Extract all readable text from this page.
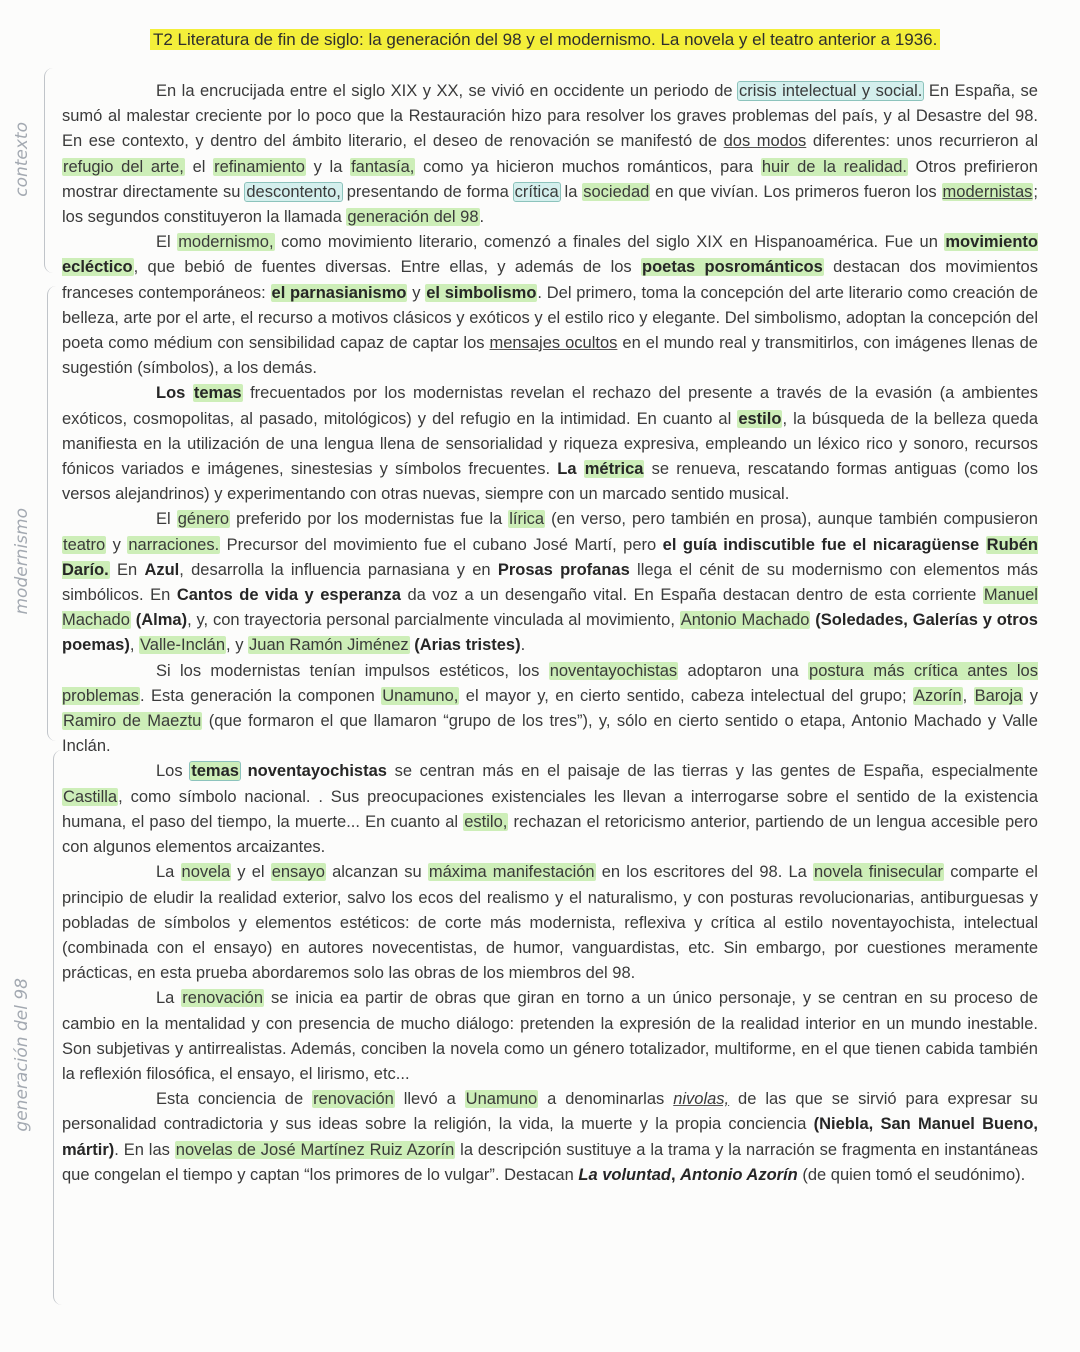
T2 Literatura de fin de siglo: la generación del 98 y el modernismo. La novela y el teatro anterior a 1936.
contexto
modernismo
generación del 98

En la encrucijada entre el siglo XIX y XX, se vivió en occidente un periodo de crisis intelectual y social. En España, se sumó al malestar creciente por lo poco que la Restauración hizo para resolver los graves problemas del país, y al Desastre del 98. En ese contexto, y dentro del ámbito literario, el deseo de renovación se manifestó de dos modos diferentes: unos recurrieron al refugio del arte, el refinamiento y la fantasía, como ya hicieron muchos románticos, para huir de la realidad. Otros prefirieron mostrar directamente su descontento, presentando de forma crítica la sociedad en que vivían. Los primeros fueron los modernistas; los segundos constituyeron la llamada generación del 98.

El modernismo, como movimiento literario, comenzó a finales del siglo XIX en Hispanoamérica. Fue un movimiento ecléctico, que bebió de fuentes diversas. Entre ellas, y además de los poetas posrománticos destacan dos movimientos franceses contemporáneos: el parnasianismo y el simbolismo. Del primero, toma la concepción del arte literario como creación de belleza, arte por el arte, el recurso a motivos clásicos y exóticos y el estilo rico y elegante. Del simbolismo, adoptan la concepción del poeta como médium con sensibilidad capaz de captar los mensajes ocultos en el mundo real y transmitirlos, con imágenes llenas de sugestión (símbolos), a los demás.

Los temas frecuentados por los modernistas revelan el rechazo del presente a través de la evasión (a ambientes exóticos, cosmopolitas, al pasado, mitológicos) y del refugio en la intimidad. En cuanto al estilo, la búsqueda de la belleza queda manifiesta en la utilización de una lengua llena de sensorialidad y riqueza expresiva, empleando un léxico rico y sonoro, recursos fónicos variados e imágenes, sinestesias y símbolos frecuentes. La métrica se renueva, rescatando formas antiguas (como los versos alejandrinos) y experimentando con otras nuevas, siempre con un marcado sentido musical.

El género preferido por los modernistas fue la lírica (en verso, pero también en prosa), aunque también compusieron teatro y narraciones. Precursor del movimiento fue el cubano José Martí, pero el guía indiscutible fue el nicaragüense Rubén Darío. En Azul, desarrolla la influencia parnasiana y en Prosas profanas llega el cénit de su modernismo con elementos más simbólicos. En Cantos de vida y esperanza da voz a un desengaño vital. En España destacan dentro de esta corriente Manuel Machado (Alma), y, con trayectoria personal parcialmente vinculada al movimiento, Antonio Machado (Soledades, Galerías y otros poemas), Valle-Inclán, y Juan Ramón Jiménez (Arias tristes).

Si los modernistas tenían impulsos estéticos, los noventayochistas adoptaron una postura más crítica antes los problemas. Esta generación la componen Unamuno, el mayor y, en cierto sentido, cabeza intelectual del grupo; Azorín, Baroja y Ramiro de Maeztu (que formaron el que llamaron “grupo de los tres”), y, sólo en cierto sentido o etapa, Antonio Machado y Valle Inclán.

Los temas noventayochistas se centran más en el paisaje de las tierras y las gentes de España, especialmente Castilla, como símbolo nacional. . Sus preocupaciones existenciales les llevan a interrogarse sobre el sentido de la existencia humana, el paso del tiempo, la muerte... En cuanto al estilo, rechazan el retoricismo anterior, partiendo de un lengua accesible pero con algunos elementos arcaizantes.

La novela y el ensayo alcanzan su máxima manifestación en los escritores del 98. La novela finisecular comparte el principio de eludir la realidad exterior, salvo los ecos del realismo y el naturalismo, y con posturas revolucionarias, antiburguesas y pobladas de símbolos y elementos estéticos: de corte más modernista, reflexiva y crítica al estilo noventayochista, intelectual (combinada con el ensayo) en autores novecentistas, de humor, vanguardistas, etc. Sin embargo, por cuestiones meramente prácticas, en esta prueba abordaremos solo las obras de los miembros del 98.

La renovación se inicia ea partir de obras que giran en torno a un único personaje, y se centran en su proceso de cambio en la mentalidad y con presencia de mucho diálogo: pretenden la expresión de la realidad interior en un mundo inestable. Son subjetivas y antirrealistas. Además, conciben la novela como un género totalizador, multiforme, en el que tienen cabida también la reflexión filosófica, el ensayo, el lirismo, etc...

Esta conciencia de renovación llevó a Unamuno a denominarlas nivolas, de las que se sirvió para expresar su personalidad contradictoria y sus ideas sobre la religión, la vida, la muerte y la propia conciencia (Niebla, San Manuel Bueno, mártir). En las novelas de José Martínez Ruiz Azorín la descripción sustituye a la trama y la narración se fragmenta en instantáneas que congelan el tiempo y captan “los primores de lo vulgar”. Destacan La voluntad, Antonio Azorín (de quien tomó el seudónimo).
